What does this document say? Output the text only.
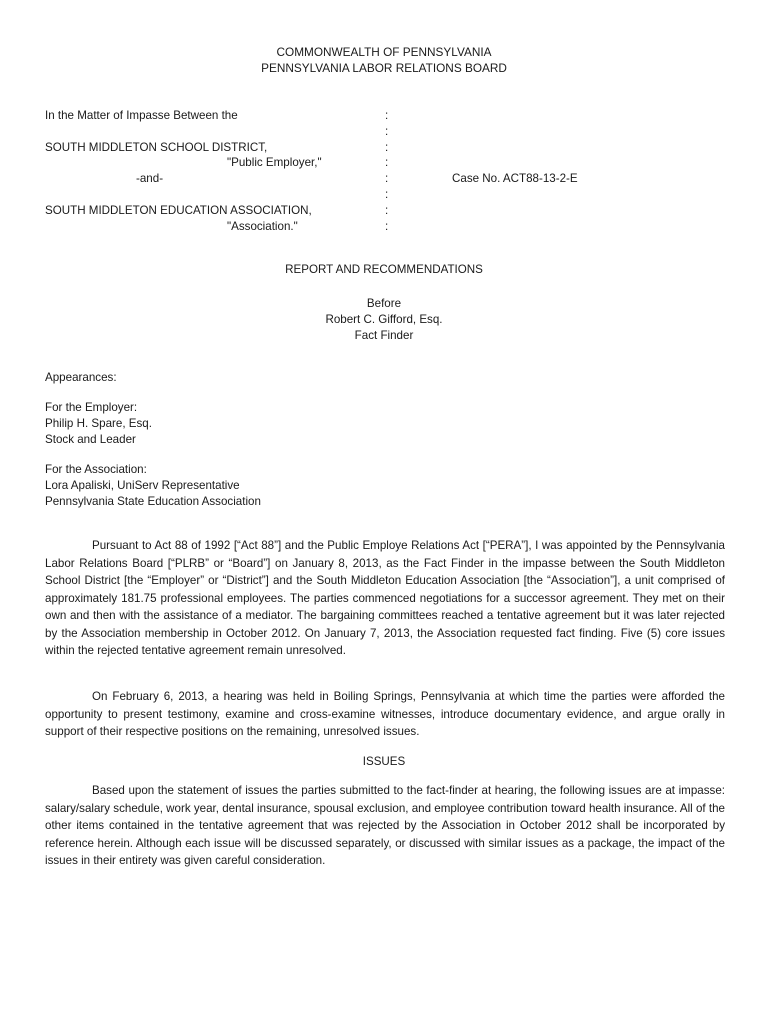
COMMONWEALTH OF PENNSYLVANIA
PENNSYLVANIA LABOR RELATIONS BOARD
In the Matter of Impasse Between the	:
:
SOUTH MIDDLETON SCHOOL DISTRICT,	:
"Public Employer,"	:
-and-	:	Case No. ACT88-13-2-E
:
SOUTH MIDDLETON EDUCATION ASSOCIATION,	:
"Association."	:
REPORT AND RECOMMENDATIONS
Before
Robert C. Gifford, Esq.
Fact Finder
Appearances:
For the Employer:
Philip H. Spare, Esq.
Stock and Leader
For the Association:
Lora Apaliski, UniServ Representative
Pennsylvania State Education Association

Pursuant to Act 88 of 1992 [“Act 88”] and the Public Employe Relations Act [“PERA”], I was appointed by the Pennsylvania Labor Relations Board [“PLRB” or “Board”] on January 8, 2013, as the Fact Finder in the impasse between the South Middleton School District [the “Employer” or “District”] and the South Middleton Education Association [the “Association”], a unit comprised of approximately 181.75 professional employees. The parties commenced negotiations for a successor agreement. They met on their own and then with the assistance of a mediator. The bargaining committees reached a tentative agreement but it was later rejected by the Association membership in October 2012. On January 7, 2013, the Association requested fact finding. Five (5) core issues within the rejected tentative agreement remain unresolved.

On February 6, 2013, a hearing was held in Boiling Springs, Pennsylvania at which time the parties were afforded the opportunity to present testimony, examine and cross-examine witnesses, introduce documentary evidence, and argue orally in support of their respective positions on the remaining, unresolved issues.

ISSUES

Based upon the statement of issues the parties submitted to the fact-finder at hearing, the following issues are at impasse: salary/salary schedule, work year, dental insurance, spousal exclusion, and employee contribution toward health insurance. All of the other items contained in the tentative agreement that was rejected by the Association in October 2012 shall be incorporated by reference herein. Although each issue will be discussed separately, or discussed with similar issues as a package, the impact of the issues in their entirety was given careful consideration.
